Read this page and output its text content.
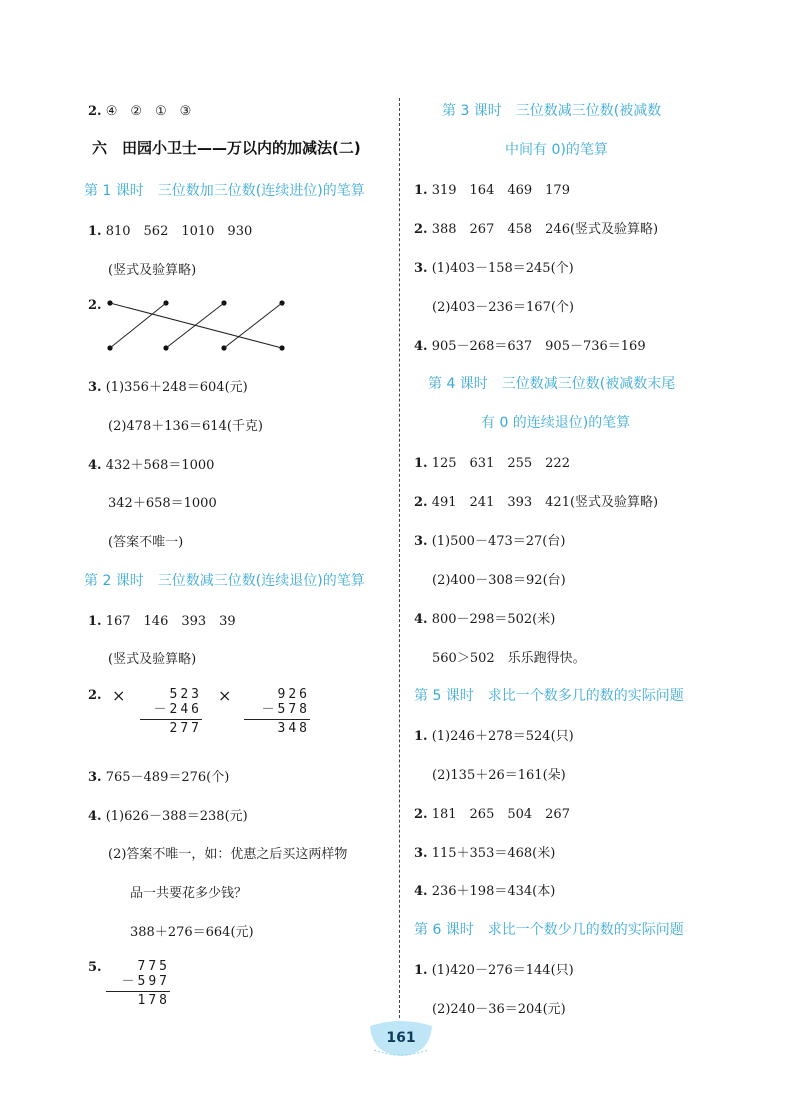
2. ④　②　①　③
六　田园小卫士——万以内的加减法(二)
第 1 课时　三位数加三位数(连续进位)的笔算
1. 810　562　1010　930
(竖式及验算略)
2.
3. (1)356＋248＝604(元)
(2)478＋136＝614(千克)
4. 432＋568＝1000
342＋658＝1000
(答案不唯一)
第 2 课时　三位数减三位数(连续退位)的笔算
1. 167　146　393　39
(竖式及验算略)
2. ×	523
－246
277
×	926
－578
348
3. 765－489＝276(个)
4. (1)626－388＝238(元)
(2)答案不唯一，如：优惠之后买这两样物
品一共要花多少钱？
388＋276＝664(元)
5.	775
－597
178
第 3 课时　三位数减三位数(被减数
中间有 0)的笔算
1. 319　164　469　179
2. 388　267　458　246(竖式及验算略)
3. (1)403－158＝245(个)
(2)403－236＝167(个)
4. 905－268＝637　905－736＝169
第 4 课时　三位数减三位数(被减数末尾
有 0 的连续退位)的笔算
1. 125　631　255　222
2. 491　241　393　421(竖式及验算略)
3. (1)500－473＝27(台)
(2)400－308＝92(台)
4. 800－298＝502(米)
560＞502　乐乐跑得快。
第 5 课时　求比一个数多几的数的实际问题
1. (1)246＋278＝524(只)
(2)135＋26＝161(朵)
2. 181　265　504　267
3. 115＋353＝468(米)
4. 236＋198＝434(本)
第 6 课时　求比一个数少几的数的实际问题
1. (1)420－276＝144(只)
(2)240－36＝204(元)
161
